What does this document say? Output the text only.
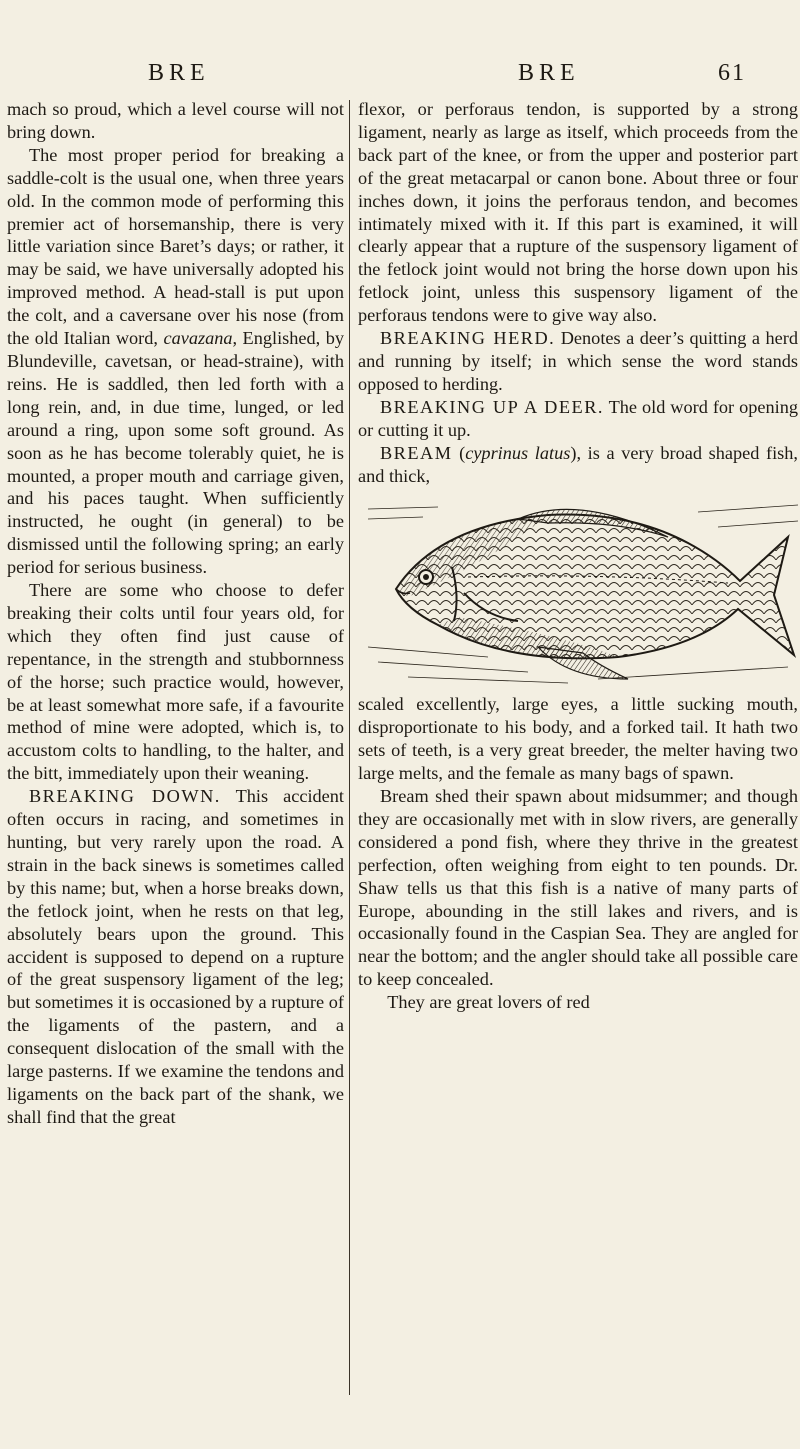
BRE	BRE	61

mach so proud, which a level course will not bring down.

The most proper period for breaking a saddle-colt is the usual one, when three years old. In the common mode of performing this premier act of horsemanship, there is very little variation since Baret’s days; or rather, it may be said, we have universally adopted his improved method. A head-stall is put upon the colt, and a caversane over his nose (from the old Italian word, cavazana, Englished, by Blundeville, cavetsan, or head-straine), with reins. He is saddled, then led forth with a long rein, and, in due time, lunged, or led around a ring, upon some soft ground. As soon as he has become tolerably quiet, he is mounted, a proper mouth and carriage given, and his paces taught. When sufficiently instructed, he ought (in general) to be dismissed until the following spring; an early period for serious business.

There are some who choose to defer breaking their colts until four years old, for which they often find just cause of repentance, in the strength and stubbornness of the horse; such practice would, however, be at least somewhat more safe, if a favourite method of mine were adopted, which is, to accustom colts to handling, to the halter, and the bitt, immediately upon their weaning.

BREAKING DOWN. This accident often occurs in racing, and sometimes in hunting, but very rarely upon the road. A strain in the back sinews is sometimes called by this name; but, when a horse breaks down, the fetlock joint, when he rests on that leg, absolutely bears upon the ground. This accident is supposed to depend on a rupture of the great suspensory ligament of the leg; but sometimes it is occasioned by a rupture of the ligaments of the pastern, and a consequent dislocation of the small with the large pasterns. If we examine the tendons and ligaments on the back part of the shank, we shall find that the great

flexor, or perforaus tendon, is supported by a strong ligament, nearly as large as itself, which proceeds from the back part of the knee, or from the upper and posterior part of the great metacarpal or canon bone. About three or four inches down, it joins the perforaus tendon, and becomes intimately mixed with it. If this part is examined, it will clearly appear that a rupture of the suspensory ligament of the fetlock joint would not bring the horse down upon his fetlock joint, unless this suspensory ligament of the perforaus tendons were to give way also.

BREAKING HERD. Denotes a deer’s quitting a herd and running by itself; in which sense the word stands opposed to herding.

BREAKING UP A DEER. The old word for opening or cutting it up.

BREAM (cyprinus latus), is a very broad shaped fish, and thick,

scaled excellently, large eyes, a little sucking mouth, disproportionate to his body, and a forked tail. It hath two sets of teeth, is a very great breeder, the melter having two large melts, and the female as many bags of spawn.

Bream shed their spawn about midsummer; and though they are occasionally met with in slow rivers, are generally considered a pond fish, where they thrive in the greatest perfection, often weighing from eight to ten pounds. Dr. Shaw tells us that this fish is a native of many parts of Europe, abounding in the still lakes and rivers, and is occasionally found in the Caspian Sea. They are angled for near the bottom; and the angler should take all possible care to keep concealed.

They are great lovers of red
